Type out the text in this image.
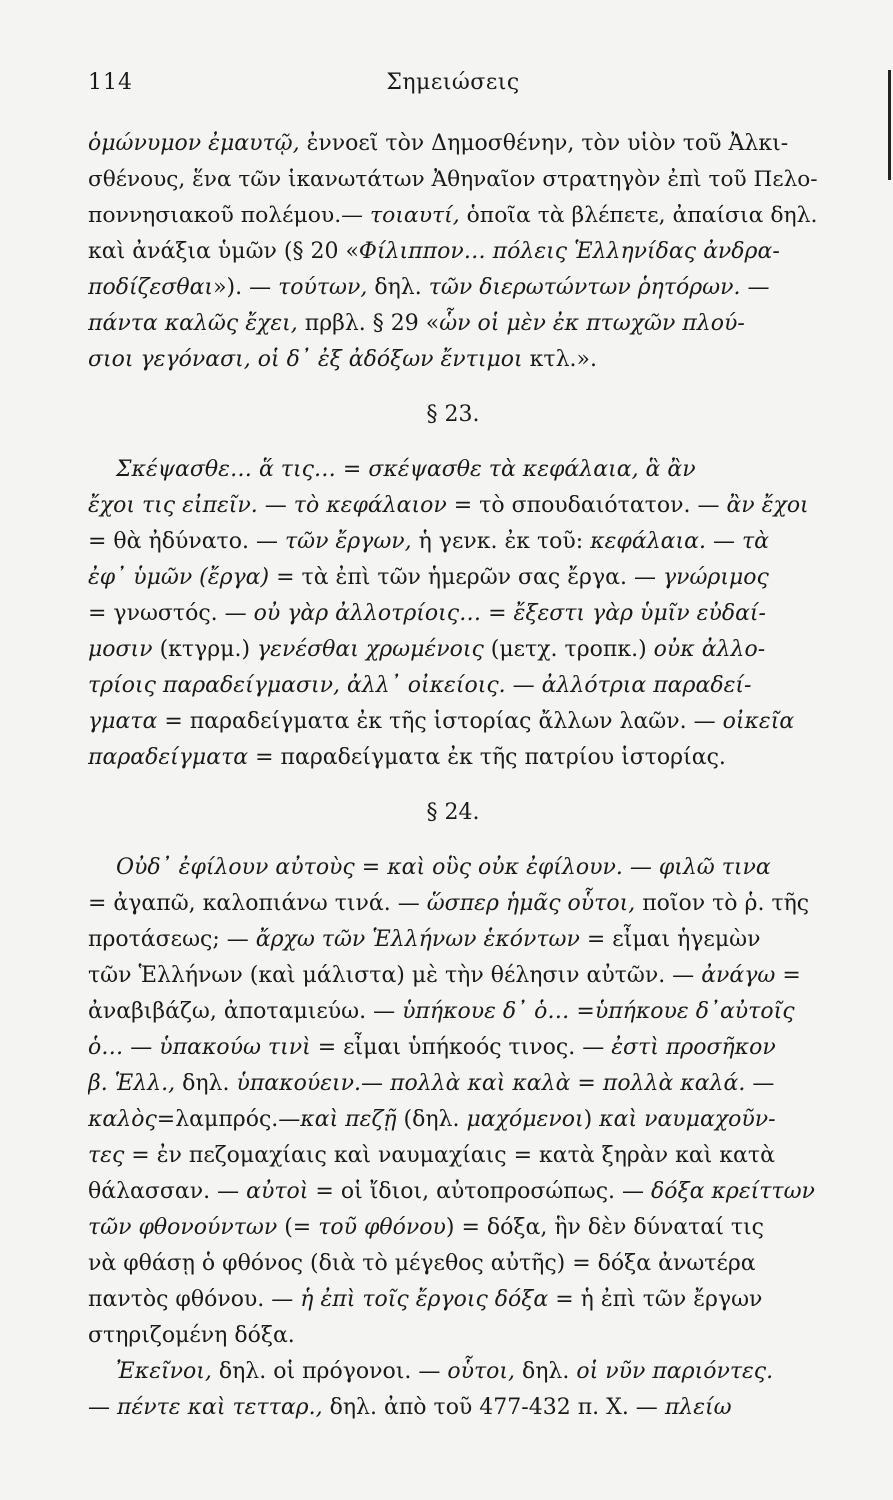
114	Σημειώσεις
ὁμώνυμον ἐμαυτῷ, ἐννοεῖ τὸν Δημοσθένην, τὸν υἱὸν τοῦ Ἀλκι-
σθένους, ἕνα τῶν ἱκανωτάτων Ἀθηναῖον στρατηγὸν ἐπὶ τοῦ Πελο-
ποννησιακοῦ πολέμου.— τοιαυτί, ὁποῖα τὰ βλέπετε, ἀπαίσια δηλ.
καὶ ἀνάξια ὑμῶν (§ 20 «Φίλιππον… πόλεις Ἑλληνίδας ἀνδρα-
ποδίζεσθαι»). — τούτων, δηλ. τῶν διερωτώντων ῥητόρων. —
πάντα καλῶς ἔχει, πρβλ. § 29 «ὧν οἱ μὲν ἐκ πτωχῶν πλού-
σιοι γεγόνασι, οἱ δ᾽ ἐξ ἀδόξων ἔντιμοι κτλ.».
§ 23.
Σκέψασθε… ἅ τις… = σκέψασθε τὰ κεφάλαια, ἃ ἂν
ἔχοι τις εἰπεῖν. — τὸ κεφάλαιον = τὸ σπουδαιότατον. — ἂν ἔχοι
= θὰ ἠδύνατο. — τῶν ἔργων, ἡ γενκ. ἐκ τοῦ: κεφάλαια. — τὰ
ἐφ᾽ ὑμῶν (ἔργα) = τὰ ἐπὶ τῶν ἡμερῶν σας ἔργα. — γνώριμος
= γνωστός. — οὐ γὰρ ἀλλοτρίοις… = ἔξεστι γὰρ ὑμῖν εὐδαί-
μοσιν (κτγρμ.) γενέσθαι χρωμένοις (μετχ. τροπκ.) οὐκ ἀλλο-
τρίοις παραδείγμασιν, ἀλλ᾽ οἰκείοις. — ἀλλότρια παραδεί-
γματα = παραδείγματα ἐκ τῆς ἱστορίας ἄλλων λαῶν. — οἰκεῖα
παραδείγματα = παραδείγματα ἐκ τῆς πατρίου ἱστορίας.
§ 24.
Οὐδ᾽ ἐφίλουν αὐτοὺς = καὶ οὓς οὐκ ἐφίλουν. — φιλῶ τινα
= ἀγαπῶ, καλοπιάνω τινά. — ὥσπερ ἡμᾶς οὗτοι, ποῖον τὸ ῥ. τῆς
προτάσεως; — ἄρχω τῶν Ἑλλήνων ἑκόντων = εἶμαι ἡγεμὼν
τῶν Ἑλλήνων (καὶ μάλιστα) μὲ τὴν θέλησιν αὐτῶν. — ἀνάγω =
ἀναβιβάζω, ἀποταμιεύω. — ὑπήκουε δ᾽ ὁ… =ὑπήκουε δ᾽αὐτοῖς
ὁ… — ὑπακούω τινὶ = εἶμαι ὑπήκοός τινος. — ἐστὶ προσῆκον
β. Ἑλλ., δηλ. ὑπακούειν.— πολλὰ καὶ καλὰ = πολλὰ καλά. —
καλὸς=λαμπρός.—καὶ πεζῇ (δηλ. μαχόμενοι) καὶ ναυμαχοῦν-
τες = ἐν πεζομαχίαις καὶ ναυμαχίαις = κατὰ ξηρὰν καὶ κατὰ
θάλασσαν. — αὐτοὶ = οἱ ἴδιοι, αὐτοπροσώπως. — δόξα κρείττων
τῶν φθονούντων (= τοῦ φθόνου) = δόξα, ἣν δὲν δύναταί τις
νὰ φθάσῃ ὁ φθόνος (διὰ τὸ μέγεθος αὐτῆς) = δόξα ἀνωτέρα
παντὸς φθόνου. — ἡ ἐπὶ τοῖς ἔργοις δόξα = ἡ ἐπὶ τῶν ἔργων
στηριζομένη δόξα.
Ἐκεῖνοι, δηλ. οἱ πρόγονοι. — οὗτοι, δηλ. οἱ νῦν παριόντες.
— πέντε καὶ τετταρ., δηλ. ἀπὸ τοῦ 477-432 π. Χ. — πλείω
